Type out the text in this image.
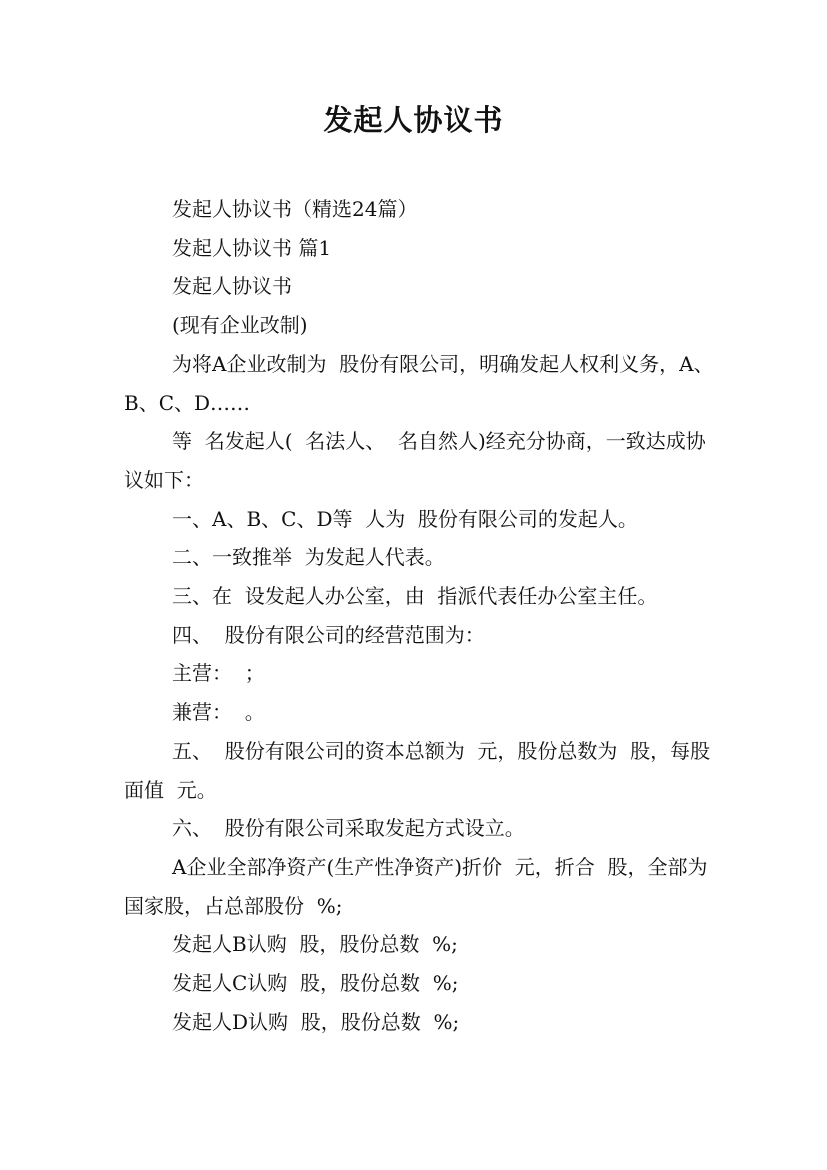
发起人协议书

发起人协议书（精选24篇）

发起人协议书 篇1

发起人协议书

(现有企业改制)

为将A企业改制为  股份有限公司，明确发起人权利义务，A、B、C、D……

等  名发起人(  名法人、  名自然人)经充分协商，一致达成协议如下：

一、A、B、C、D等  人为  股份有限公司的发起人。

二、一致推举  为发起人代表。

三、在  设发起人办公室，由  指派代表任办公室主任。

四、  股份有限公司的经营范围为：

主营：  ；

兼营：  。

五、  股份有限公司的资本总额为  元，股份总数为  股，每股面值  元。

六、  股份有限公司采取发起方式设立。

A企业全部净资产(生产性净资产)折价  元，折合  股，全部为国家股，占总部股份  %;

发起人B认购  股，股份总数  %;

发起人C认购  股，股份总数  %;

发起人D认购  股，股份总数  %;
